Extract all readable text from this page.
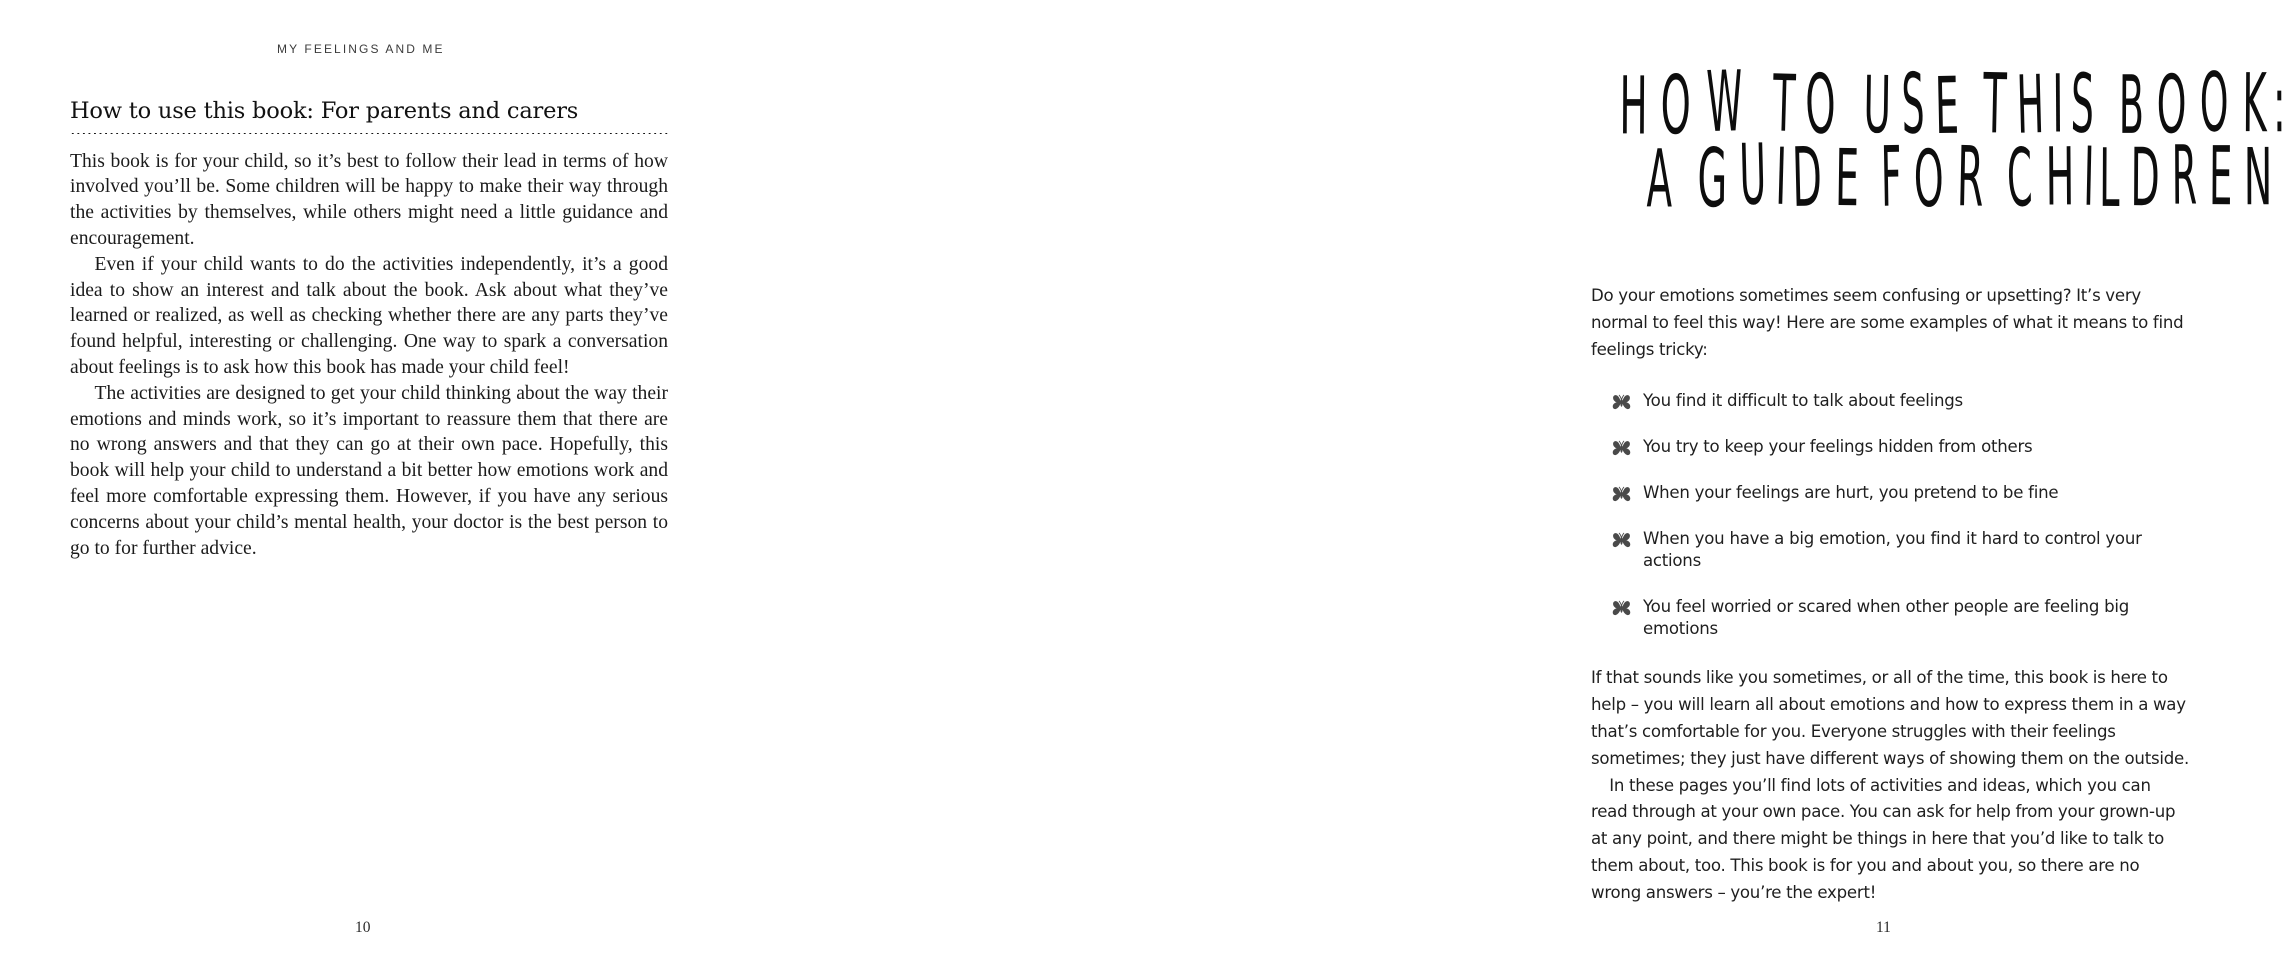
MY FEELINGS AND ME
How to use this book: For parents and carers

This book is for your child, so it’s best to follow their lead in terms of how involved you’ll be. Some children will be happy to make their way through the activities by themselves, while others might need a little guidance and encouragement.

Even if your child wants to do the activities independently, it’s a good idea to show an interest and talk about the book. Ask about what they’ve learned or realized, as well as checking whether there are any parts they’ve found helpful, interesting or challenging. One way to spark a conversation about feelings is to ask how this book has made your child feel!

The activities are designed to get your child thinking about the way their emotions and minds work, so it’s important to reassure them that there are no wrong answers and that they can go at their own pace. Hopefully, this book will help your child to understand a bit better how emotions work and feel more comfortable expressing them. However, if you have any serious concerns about your child’s mental health, your doctor is the best person to go to for further advice.

10
H O W T O U S E T H IS B O O K :
A G U ID E F O R C H IL D R E N

Do your emotions sometimes seem confusing or upsetting? It’s very normal to feel this way! Here are some examples of what it means to find feelings tricky:

You find it difficult to talk about feelings
You try to keep your feelings hidden from others
When your feelings are hurt, you pretend to be fine
When you have a big emotion, you find it hard to control your actions
You feel worried or scared when other people are feeling big emotions

If that sounds like you sometimes, or all of the time, this book is here to help – you will learn all about emotions and how to express them in a way that’s comfortable for you. Everyone struggles with their feelings sometimes; they just have different ways of showing them on the outside.

In these pages you’ll find lots of activities and ideas, which you can read through at your own pace. You can ask for help from your grown-up at any point, and there might be things in here that you’d like to talk to them about, too. This book is for you and about you, so there are no wrong answers – you’re the expert!

11
